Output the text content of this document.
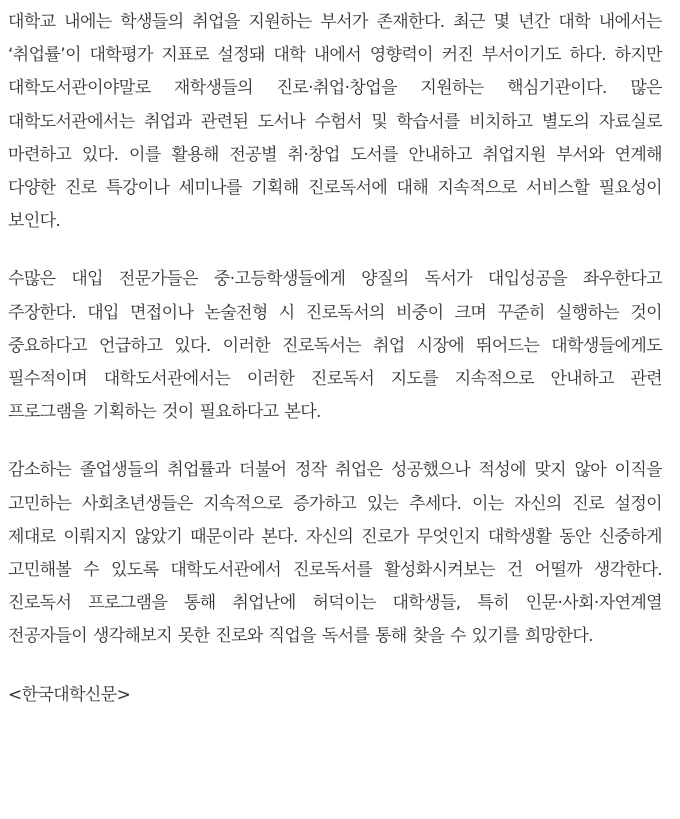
대학교 내에는 학생들의 취업을 지원하는 부서가 존재한다. 최근 몇 년간 대학 내에서는 ‘취업률’이 대학평가 지표로 설정돼 대학 내에서 영향력이 커진 부서이기도 하다. 하지만 대학도서관이야말로 재학생들의 진로·취업·창업을 지원하는 핵심기관이다. 많은 대학도서관에서는 취업과 관련된 도서나 수험서 및 학습서를 비치하고 별도의 자료실로 마련하고 있다. 이를 활용해 전공별 취·창업 도서를 안내하고 취업지원 부서와 연계해 다양한 진로 특강이나 세미나를 기획해 진로독서에 대해 지속적으로 서비스할 필요성이 보인다.

수많은 대입 전문가들은 중·고등학생들에게 양질의 독서가 대입성공을 좌우한다고 주장한다. 대입 면접이나 논술전형 시 진로독서의 비중이 크며 꾸준히 실행하는 것이 중요하다고 언급하고 있다. 이러한 진로독서는 취업 시장에 뛰어드는 대학생들에게도 필수적이며 대학도서관에서는 이러한 진로독서 지도를 지속적으로 안내하고 관련 프로그램을 기획하는 것이 필요하다고 본다.

감소하는 졸업생들의 취업률과 더불어 정작 취업은 성공했으나 적성에 맞지 않아 이직을 고민하는 사회초년생들은 지속적으로 증가하고 있는 추세다. 이는 자신의 진로 설정이 제대로 이뤄지지 않았기 때문이라 본다. 자신의 진로가 무엇인지 대학생활 동안 신중하게 고민해볼 수 있도록 대학도서관에서 진로독서를 활성화시켜보는 건 어떨까 생각한다. 진로독서 프로그램을 통해 취업난에 허덕이는 대학생들, 특히 인문·사회·자연계열 전공자들이 생각해보지 못한 진로와 직업을 독서를 통해 찾을 수 있기를 희망한다.

<한국대학신문>
